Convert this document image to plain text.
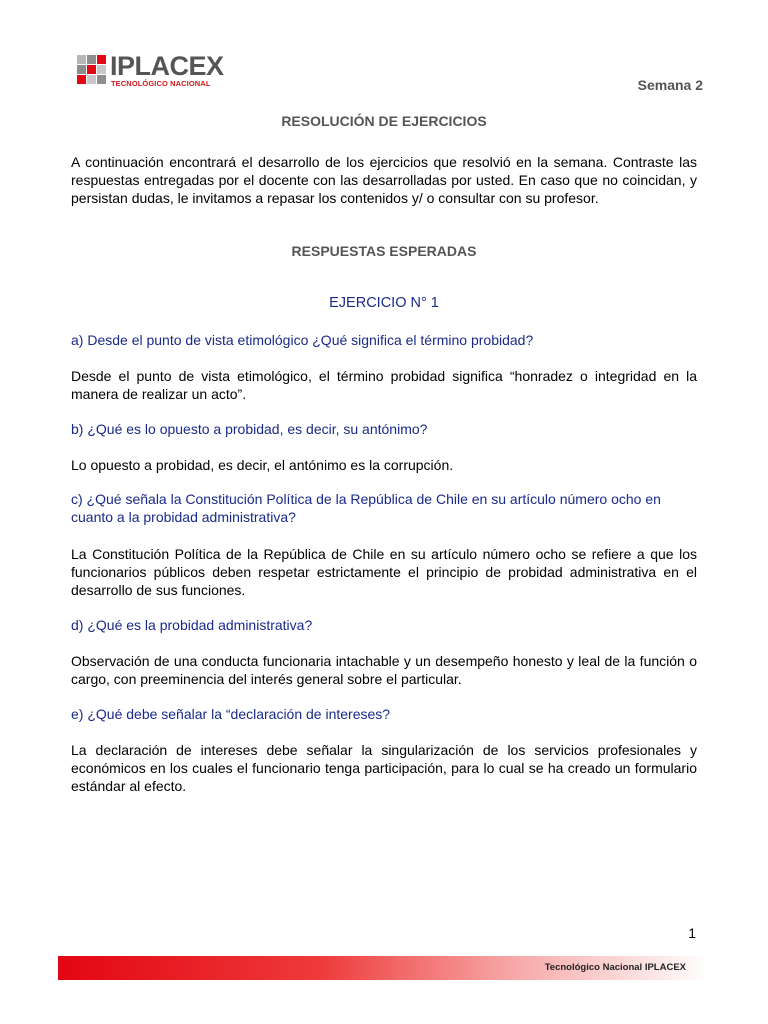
IPLACEX
TECNOLÓGICO NACIONAL	Semana 2
RESOLUCIÓN DE EJERCICIOS
A continuación encontrará el desarrollo de los ejercicios que resolvió en la semana. Contraste las respuestas entregadas por el docente con las desarrolladas por usted. En caso que no coincidan, y persistan dudas, le invitamos a repasar los contenidos y/ o consultar con su profesor.
RESPUESTAS ESPERADAS
EJERCICIO N° 1
a) Desde el punto de vista etimológico ¿Qué significa el término probidad?
Desde el punto de vista etimológico, el término probidad significa “honradez o integridad en la manera de realizar un acto”.
b) ¿Qué es lo opuesto a probidad, es decir, su antónimo?
Lo opuesto a probidad, es decir, el antónimo es la corrupción.
c) ¿Qué señala la Constitución Política de la República de Chile en su artículo número ocho en cuanto a la probidad administrativa?
La Constitución Política de la República de Chile en su artículo número ocho se refiere a que los funcionarios públicos deben respetar estrictamente el principio de probidad administrativa en el desarrollo de sus funciones.
d) ¿Qué es la probidad administrativa?
Observación de una conducta funcionaria intachable y un desempeño honesto y leal de la función o cargo, con preeminencia del interés general sobre el particular.
e) ¿Qué debe señalar la “declaración de intereses?
La declaración de intereses debe señalar la singularización de los servicios profesionales y económicos en los cuales el funcionario tenga participación, para lo cual se ha creado un formulario estándar al efecto.
1
Tecnológico Nacional IPLACEX
